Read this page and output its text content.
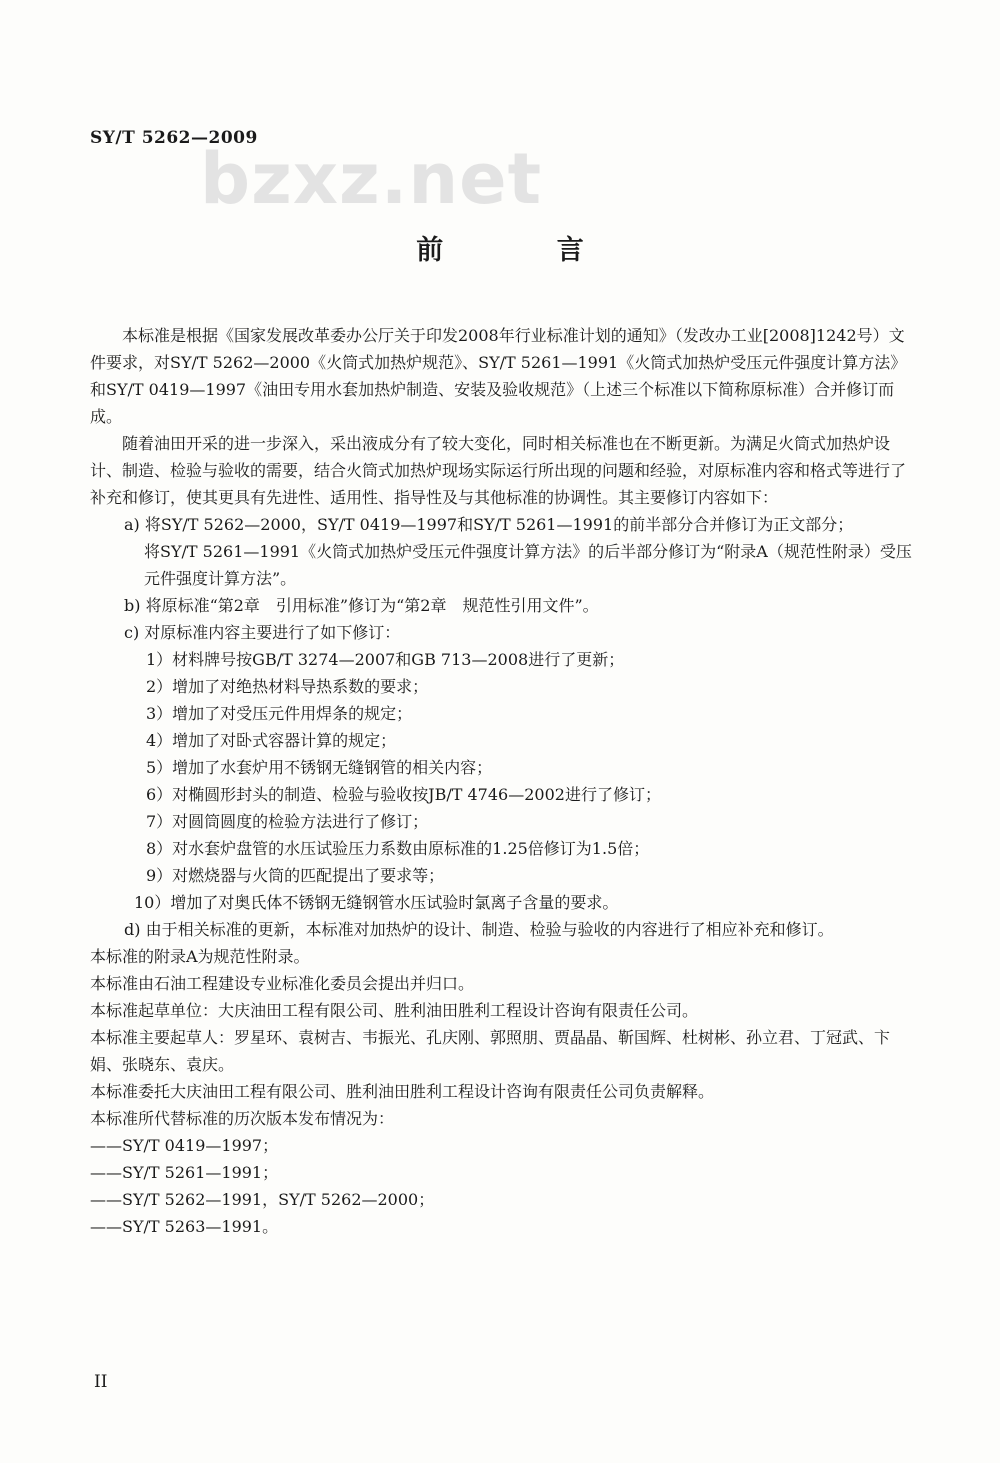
SY/T 5262—2009
bzxz.net
前 言

本标准是根据《国家发展改革委办公厅关于印发2008年行业标准计划的通知》（发改办工业[2008]1242号）文件要求，对SY/T 5262—2000《火筒式加热炉规范》、SY/T 5261—1991《火筒式加热炉受压元件强度计算方法》和SY/T 0419—1997《油田专用水套加热炉制造、安装及验收规范》（上述三个标准以下简称原标准）合并修订而成。

随着油田开采的进一步深入，采出液成分有了较大变化，同时相关标准也在不断更新。为满足火筒式加热炉设计、制造、检验与验收的需要，结合火筒式加热炉现场实际运行所出现的问题和经验，对原标准内容和格式等进行了补充和修订，使其更具有先进性、适用性、指导性及与其他标准的协调性。其主要修订内容如下：

a) 将SY/T 5262—2000，SY/T 0419—1997和SY/T 5261—1991的前半部分合并修订为正文部分；

将SY/T 5261—1991《火筒式加热炉受压元件强度计算方法》的后半部分修订为“附录A（规范性附录）受压元件强度计算方法”。

b) 将原标准“第2章　引用标准”修订为“第2章　规范性引用文件”。

c) 对原标准内容主要进行了如下修订：

1）材料牌号按GB/T 3274—2007和GB 713—2008进行了更新；

2）增加了对绝热材料导热系数的要求；

3）增加了对受压元件用焊条的规定；

4）增加了对卧式容器计算的规定；

5）增加了水套炉用不锈钢无缝钢管的相关内容；

6）对椭圆形封头的制造、检验与验收按JB/T 4746—2002进行了修订；

7）对圆筒圆度的检验方法进行了修订；

8）对水套炉盘管的水压试验压力系数由原标准的1.25倍修订为1.5倍；

9）对燃烧器与火筒的匹配提出了要求等；

10）增加了对奥氏体不锈钢无缝钢管水压试验时氯离子含量的要求。

d) 由于相关标准的更新，本标准对加热炉的设计、制造、检验与验收的内容进行了相应补充和修订。

本标准的附录A为规范性附录。

本标准由石油工程建设专业标准化委员会提出并归口。

本标准起草单位：大庆油田工程有限公司、胜利油田胜利工程设计咨询有限责任公司。

本标准主要起草人：罗星环、袁树吉、韦振光、孔庆刚、郭照朋、贾晶晶、靳国辉、杜树彬、孙立君、丁冠武、卞娟、张晓东、袁庆。

本标准委托大庆油田工程有限公司、胜利油田胜利工程设计咨询有限责任公司负责解释。

本标准所代替标准的历次版本发布情况为：

——SY/T 0419—1997；

——SY/T 5261—1991；

——SY/T 5262—1991，SY/T 5262—2000；

——SY/T 5263—1991。

II
